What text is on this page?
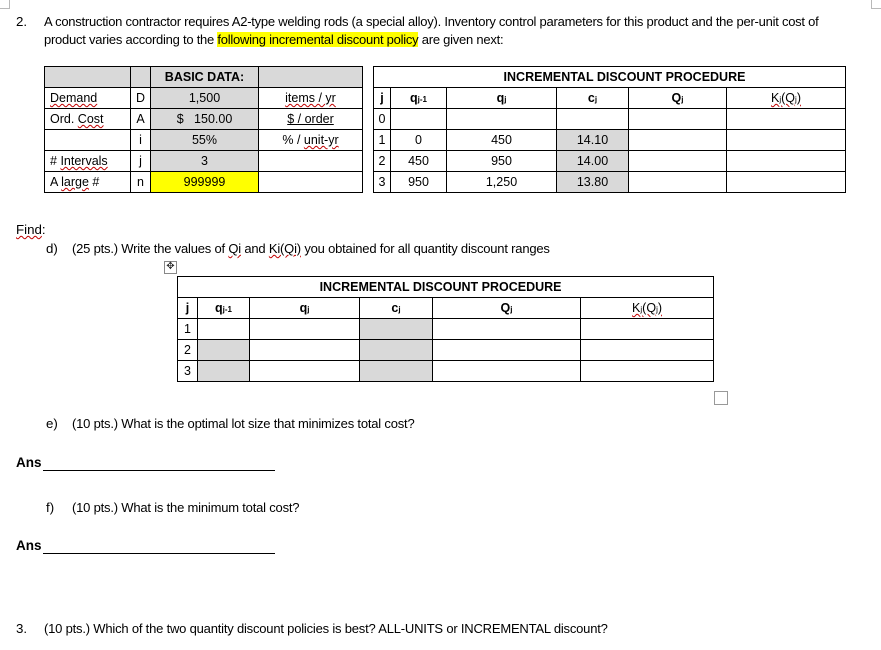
2. A construction contractor requires A2-type welding rods (a special alloy). Inventory control parameters for this product and the per-unit cost of
product varies according to the following incremental discount policy are given next:
		BASIC DATA:	
Demand	D	1,500	items / yr
Ord. Cost	A	$   150.00	$ / order
	i	55%	% / unit-yr
# Intervals	j	3	
A large #	n	999999	
INCREMENTAL DISCOUNT PROCEDURE					
j	qj-1	qj	cj	Qj	Kj(Qj)
0					
1	0	450	14.10		
2	450	950	14.00		
3	950	1,250	13.80		
Find:
d) (25 pts.) Write the values of Qi and Ki(Qi) you obtained for all quantity discount ranges
✥
INCREMENTAL DISCOUNT PROCEDURE					
j	qj-1	qj	cj	Qj	Kj(Qj)
1					
2					
3					
e) (10 pts.) What is the optimal lot size that minimizes total cost?
Ans
f) (10 pts.) What is the minimum total cost?
Ans
3. (10 pts.) Which of the two quantity discount policies is best? ALL-UNITS or INCREMENTAL discount?
